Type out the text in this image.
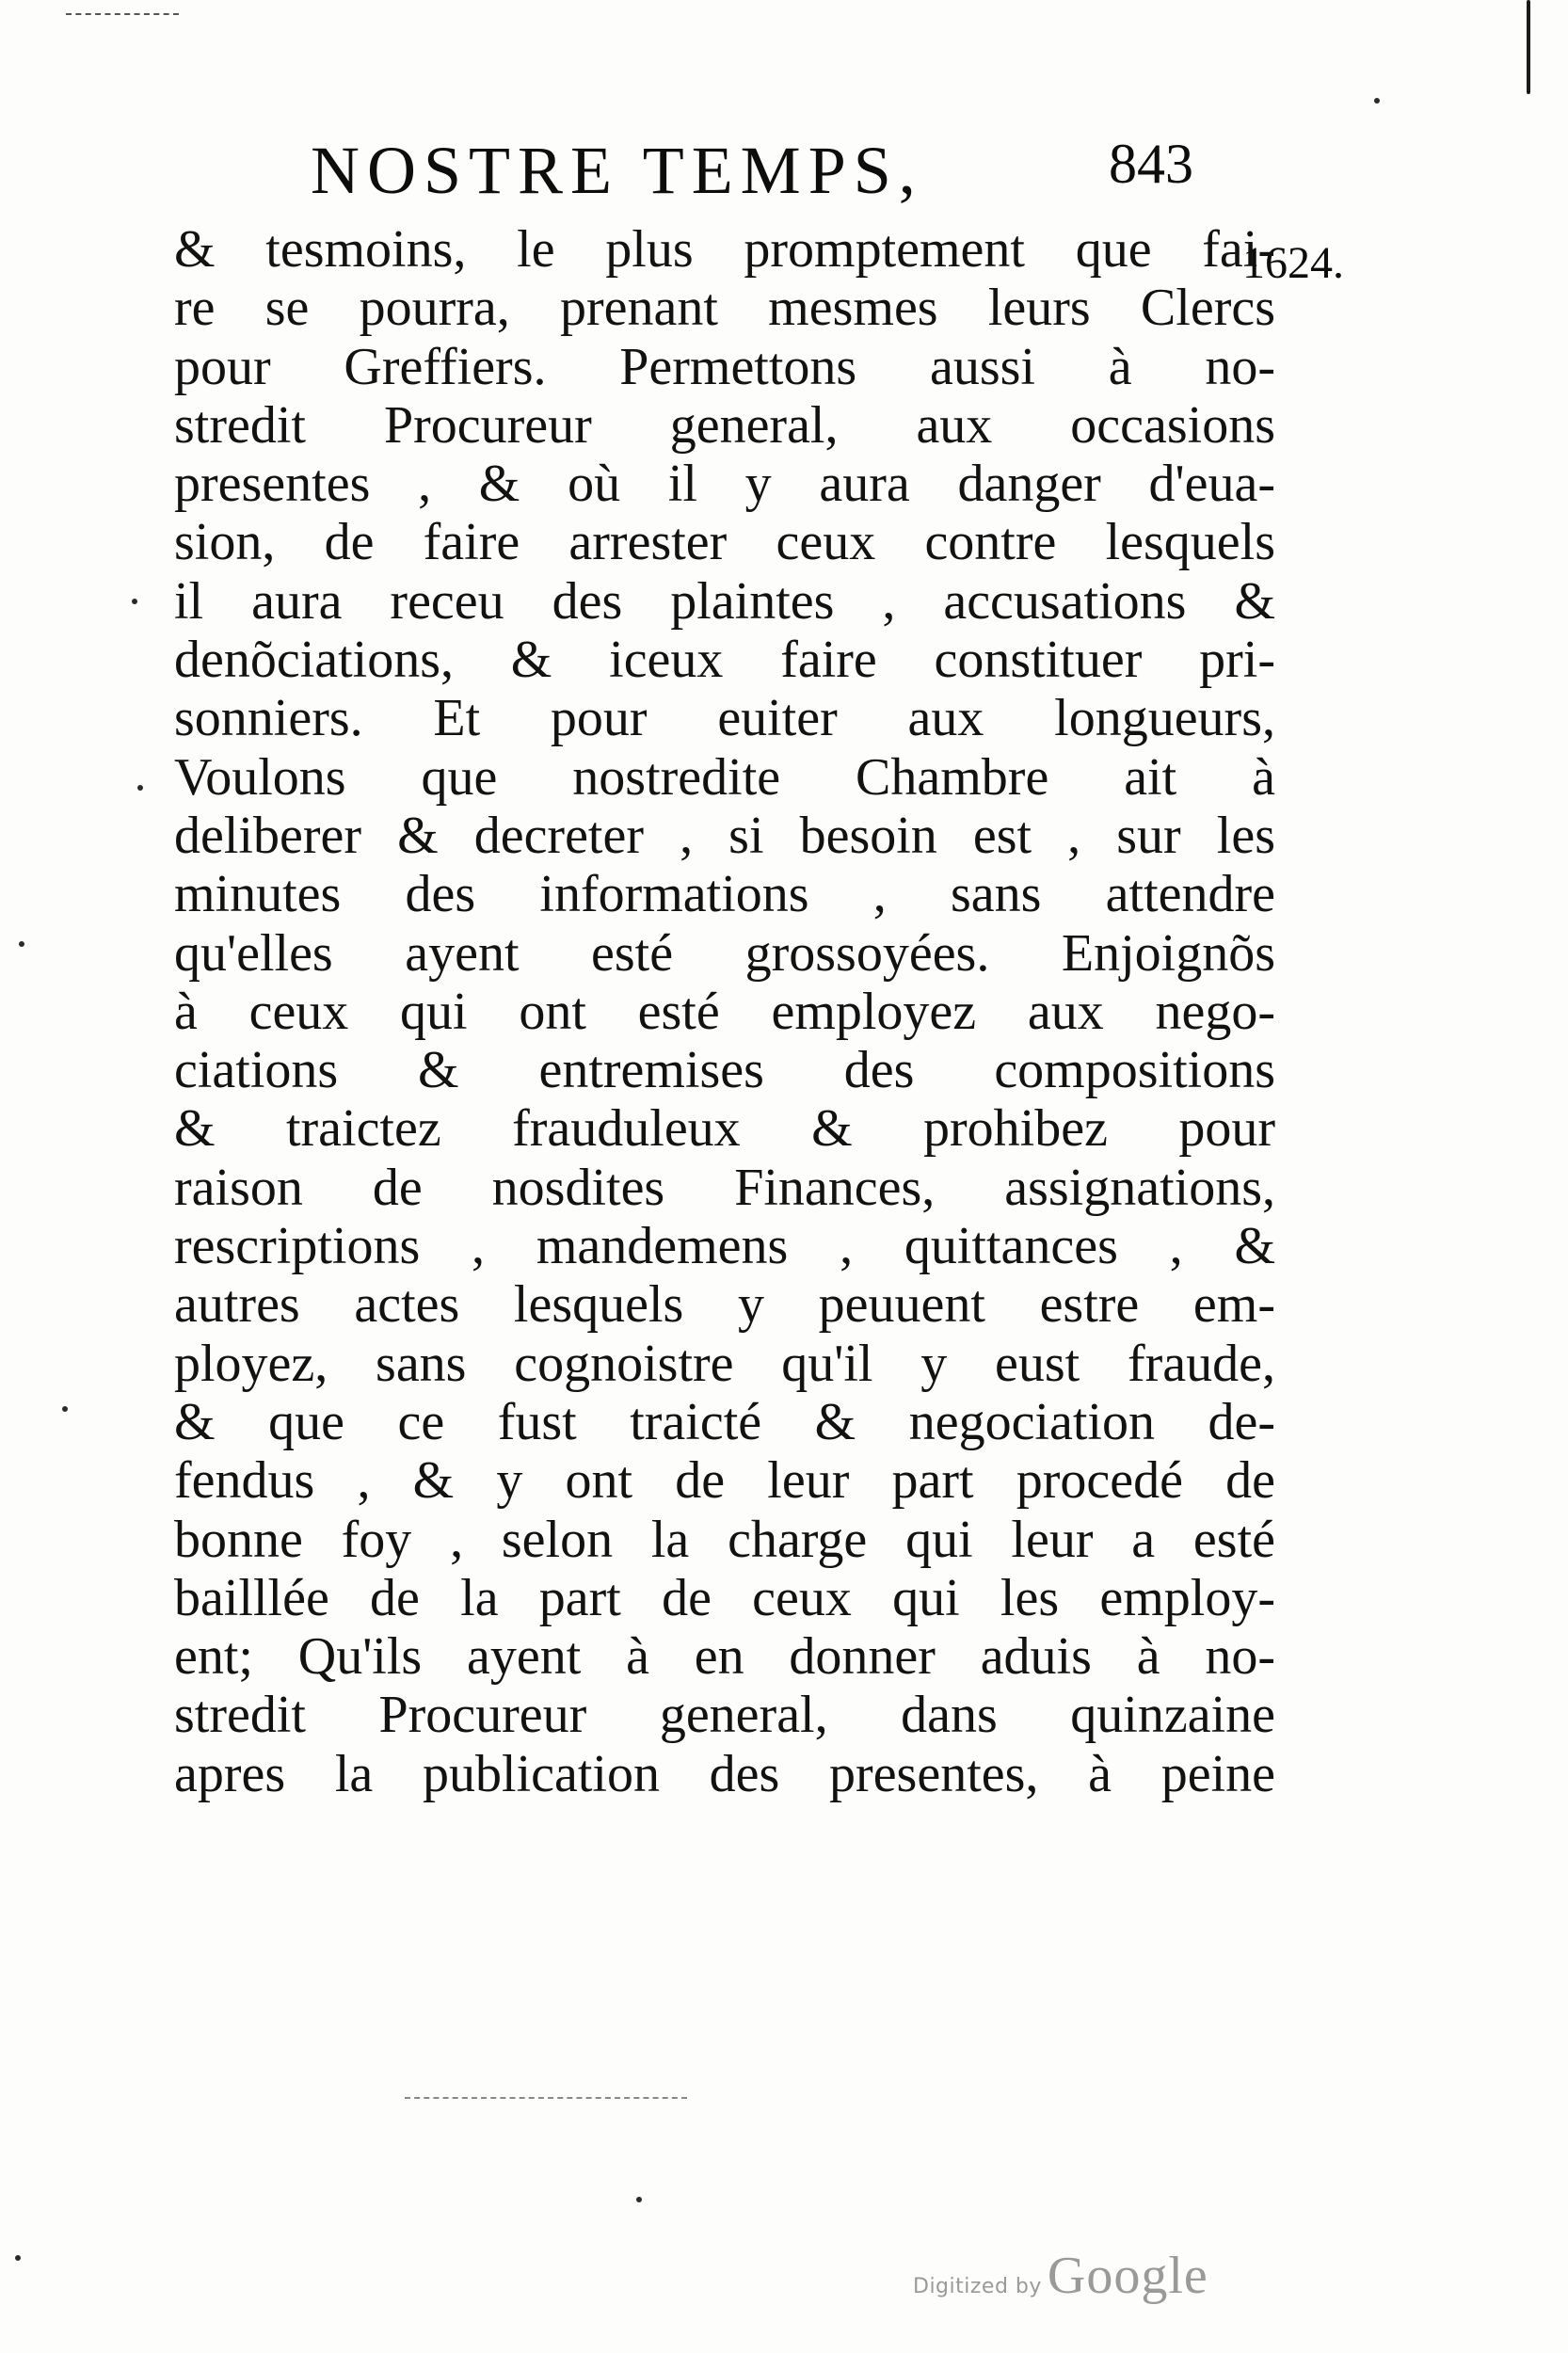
NOSTRE TEMPS,	843
1624.
& tesmoins, le plus promptement que fai-
re se pourra, prenant mesmes leurs Clercs
pour Greffiers. Permettons aussi à no-
stredit Procureur general, aux occasions
presentes , & où il y aura danger d'eua-
sion, de faire arrester ceux contre lesquels
il aura receu des plaintes , accusations &
denõciations, & iceux faire constituer pri-
sonniers. Et pour euiter aux longueurs,
Voulons que nostredite Chambre ait à
deliberer & decreter , si besoin est , sur les
minutes des informations , sans attendre
qu'elles ayent esté grossoyées. Enjoignõs
à ceux qui ont esté employez aux nego-
ciations & entremises des compositions
& traictez frauduleux & prohibez pour
raison de nosdites Finances, assignations,
rescriptions , mandemens , quittances , &
autres actes lesquels y peuuent estre em-
ployez, sans cognoistre qu'il y eust fraude,
& que ce fust traicté & negociation de-
fendus , & y ont de leur part procedé de
bonne foy , selon la charge qui leur a esté
bailllée de la part de ceux qui les employ-
ent; Qu'ils ayent à en donner aduis à no-
stredit Procureur general, dans quinzaine
apres la publication des presentes, à peine
Digitized by Google
